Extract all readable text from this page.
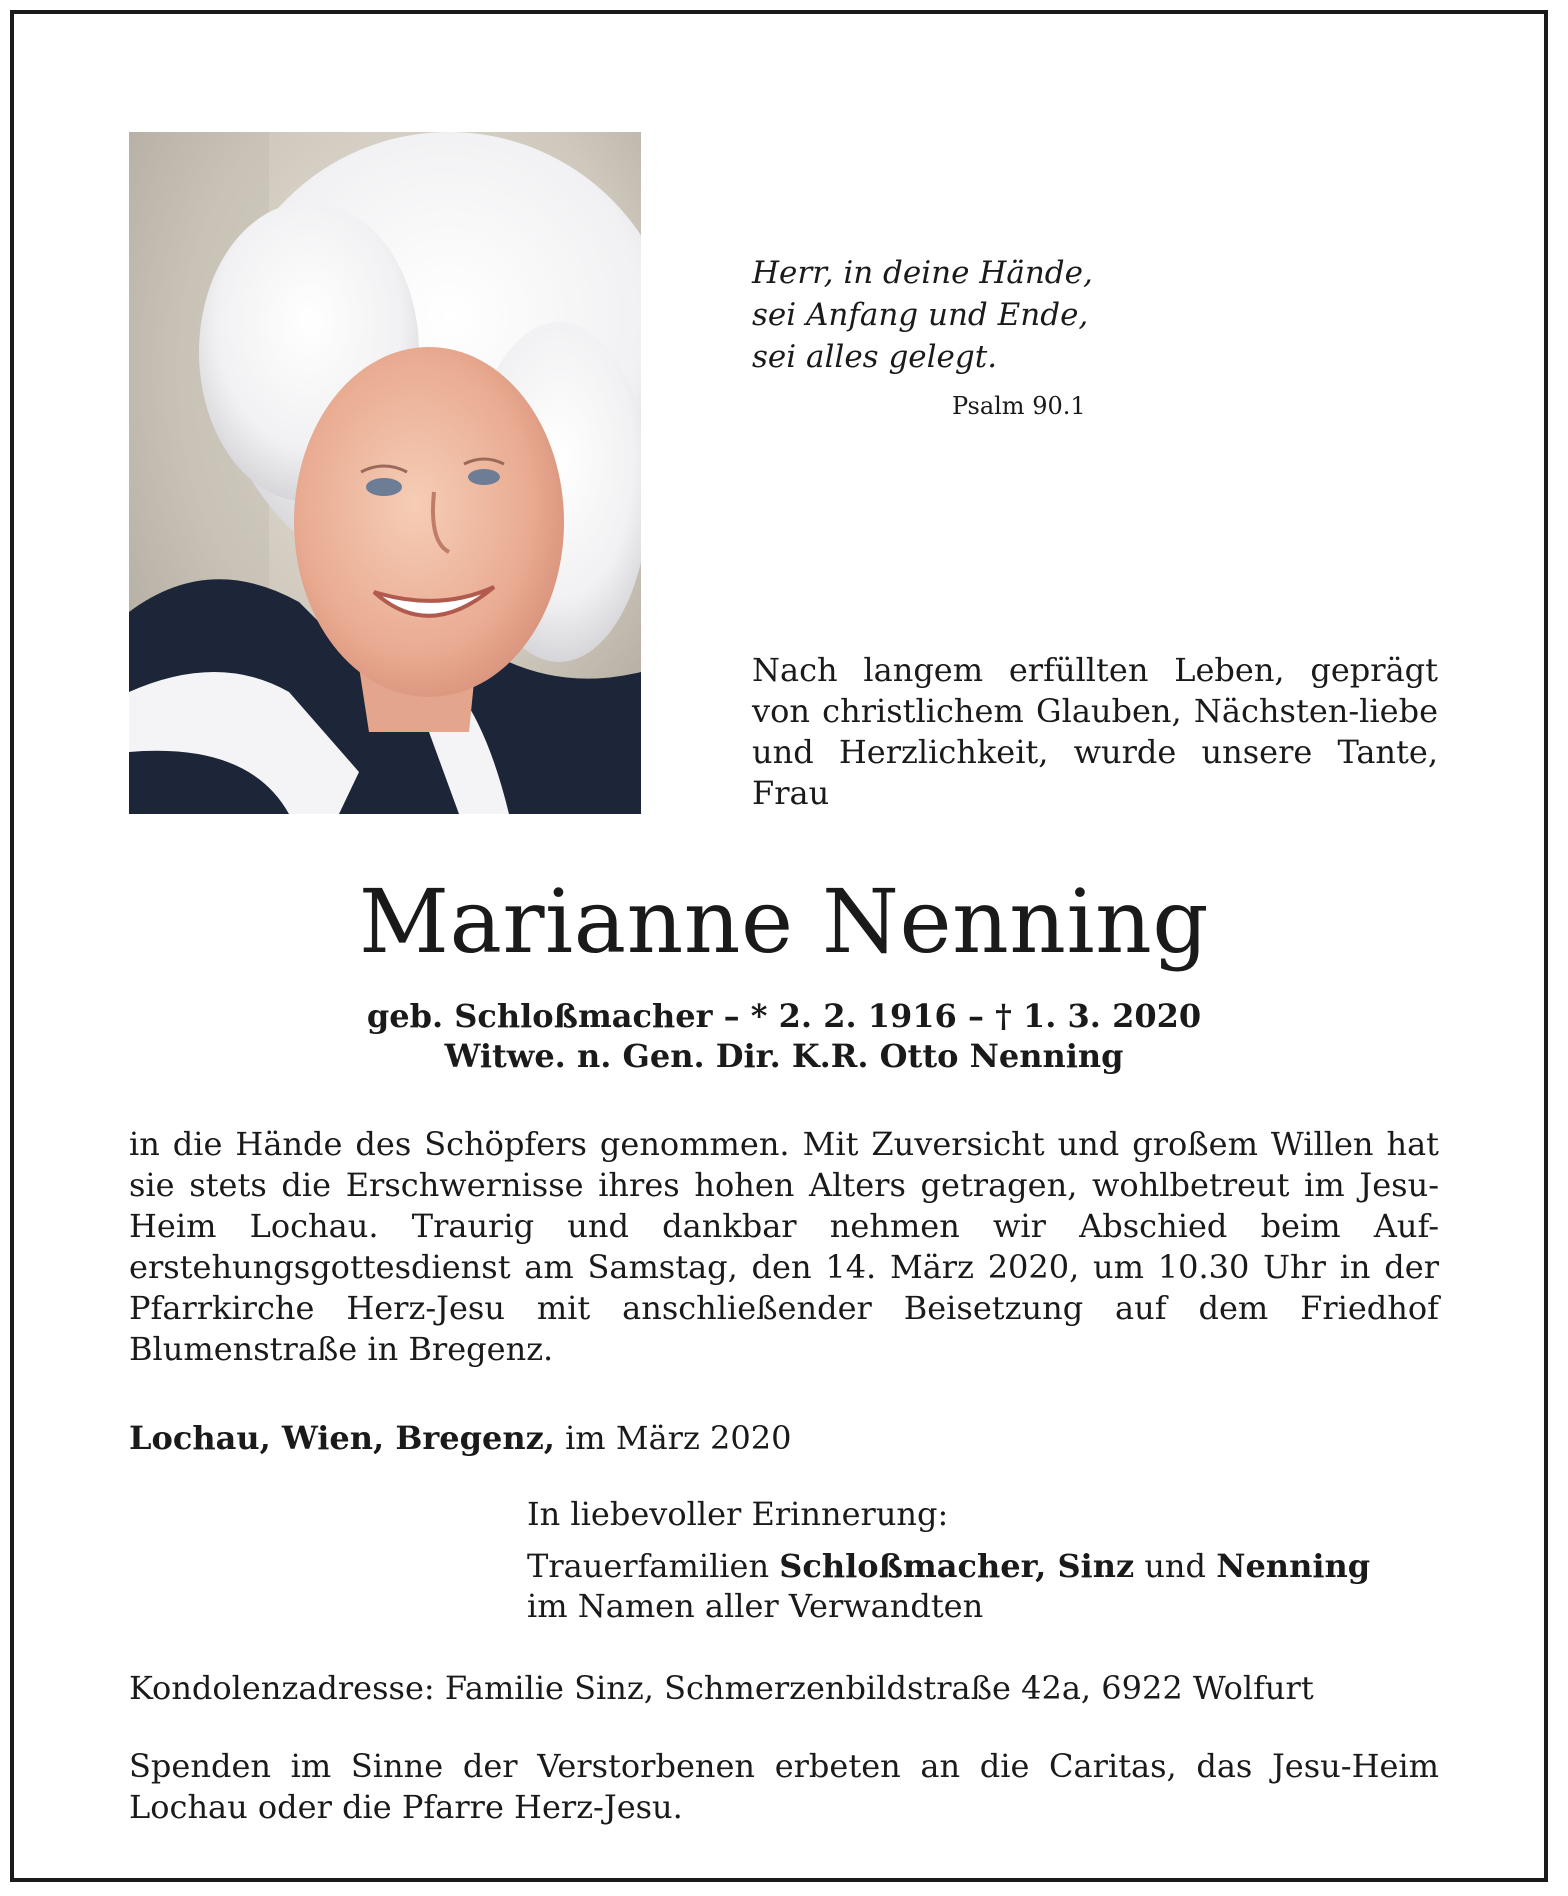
Herr, in deine Hände,
sei Anfang und Ende,
sei alles gelegt.
Psalm 90.1
Nach langem erfüllten Leben, geprägt von christlichem Glauben, Nächsten-liebe und Herzlichkeit, wurde unsere Tante, Frau
Marianne Nenning
geb. Schloßmacher – * 2. 2. 1916 – † 1. 3. 2020
Witwe. n. Gen. Dir. K.R. Otto Nenning
in die Hände des Schöpfers genommen. Mit Zuversicht und großem Willen hat sie stets die Erschwernisse ihres hohen Alters getragen, wohlbetreut im Jesu-Heim Lochau. Traurig und dankbar nehmen wir Abschied beim Auf-erstehungsgottesdienst am Samstag, den 14. März 2020, um 10.30 Uhr in der Pfarrkirche Herz-Jesu mit anschließender Beisetzung auf dem Friedhof Blumenstraße in Bregenz.
Lochau, Wien, Bregenz, im März 2020
In liebevoller Erinnerung:
Trauerfamilien Schloßmacher, Sinz und Nenning
im Namen aller Verwandten
Kondolenzadresse: Familie Sinz, Schmerzenbildstraße 42a, 6922 Wolfurt
Spenden im Sinne der Verstorbenen erbeten an die Caritas, das Jesu-Heim Lochau oder die Pfarre Herz-Jesu.
